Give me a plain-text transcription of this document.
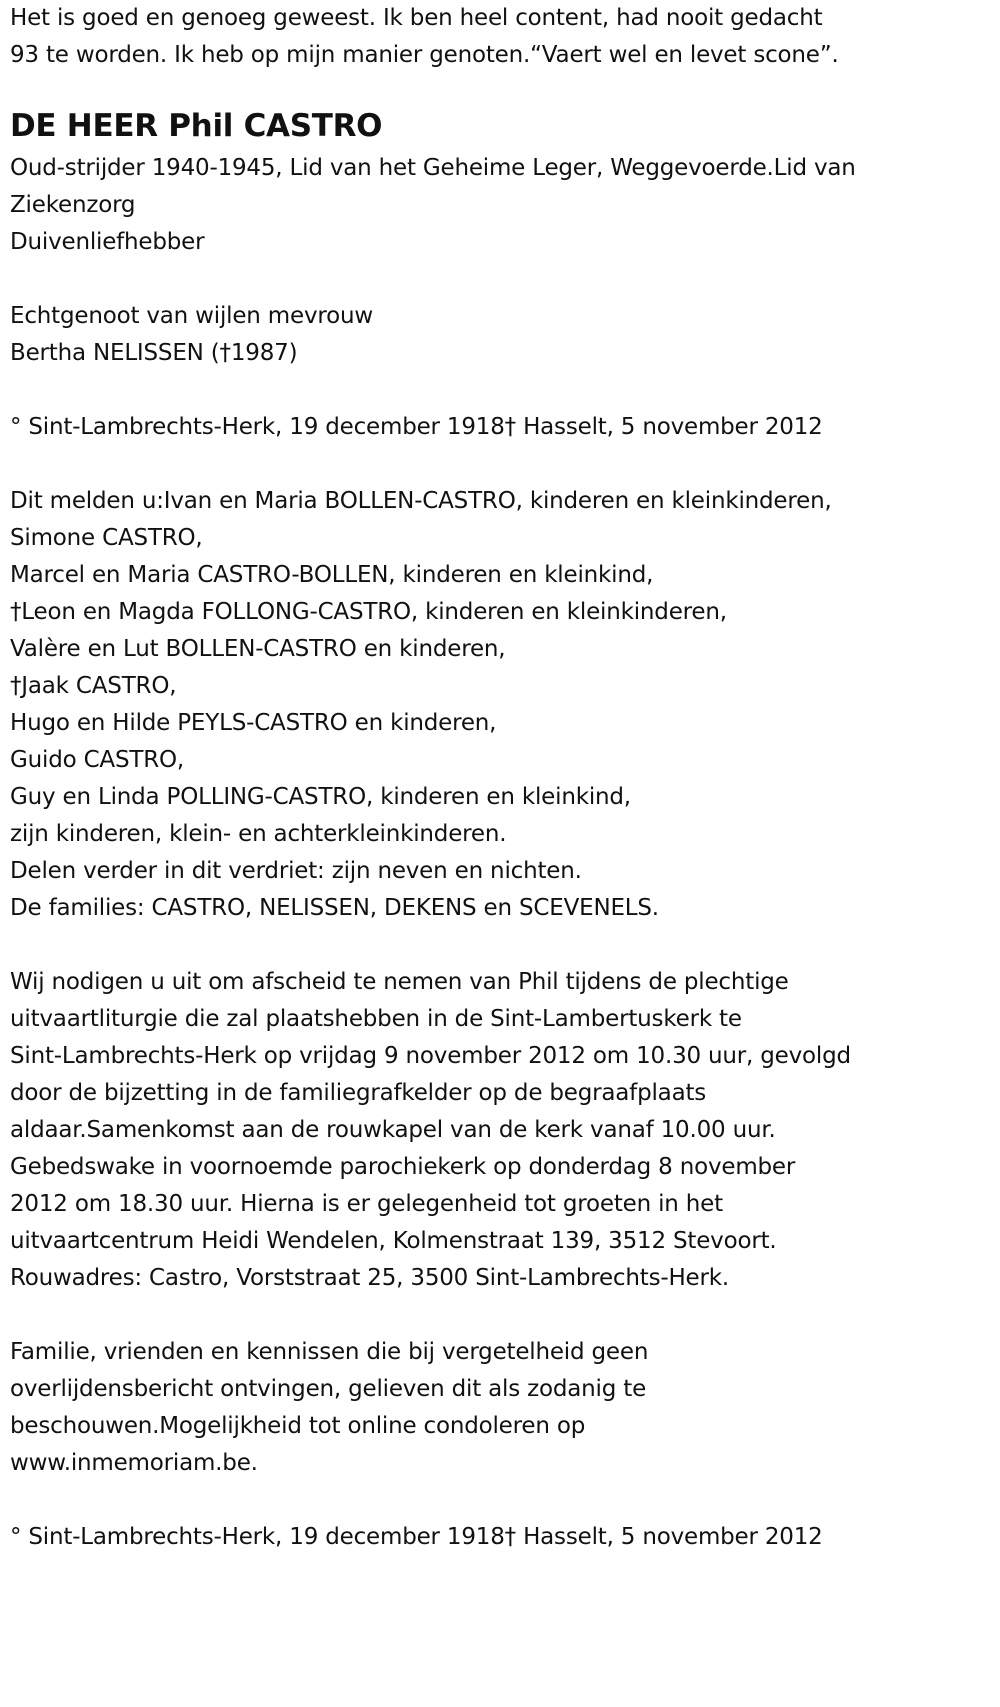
Het is goed en genoeg geweest. Ik ben heel content, had nooit gedacht
93 te worden. Ik heb op mijn manier genoten.“Vaert wel en levet scone”.
DE HEER Phil CASTRO
Oud-strijder 1940-1945, Lid van het Geheime Leger, Weggevoerde.Lid van
Ziekenzorg
Duivenliefhebber
Echtgenoot van wijlen mevrouw
Bertha NELISSEN (†1987)
° Sint-Lambrechts-Herk, 19 december 1918† Hasselt, 5 november 2012
Dit melden u:Ivan en Maria BOLLEN-CASTRO, kinderen en kleinkinderen,
Simone CASTRO,
Marcel en Maria CASTRO-BOLLEN, kinderen en kleinkind,
†Leon en Magda FOLLONG-CASTRO, kinderen en kleinkinderen,
Valère en Lut BOLLEN-CASTRO en kinderen,
†Jaak CASTRO,
Hugo en Hilde PEYLS-CASTRO en kinderen,
Guido CASTRO,
Guy en Linda POLLING-CASTRO, kinderen en kleinkind,
zijn kinderen, klein- en achterkleinkinderen.
Delen verder in dit verdriet: zijn neven en nichten.
De families: CASTRO, NELISSEN, DEKENS en SCEVENELS.
Wij nodigen u uit om afscheid te nemen van Phil tijdens de plechtige
uitvaartliturgie die zal plaatshebben in de Sint-Lambertuskerk te
Sint-Lambrechts-Herk op vrijdag 9 november 2012 om 10.30 uur, gevolgd
door de bijzetting in de familiegrafkelder op de begraafplaats
aldaar.Samenkomst aan de rouwkapel van de kerk vanaf 10.00 uur.
Gebedswake in voornoemde parochiekerk op donderdag 8 november
2012 om 18.30 uur. Hierna is er gelegenheid tot groeten in het
uitvaartcentrum Heidi Wendelen, Kolmenstraat 139, 3512 Stevoort.
Rouwadres: Castro, Vorststraat 25, 3500 Sint-Lambrechts-Herk.
Familie, vrienden en kennissen die bij vergetelheid geen
overlijdensbericht ontvingen, gelieven dit als zodanig te
beschouwen.Mogelijkheid tot online condoleren op
www.inmemoriam.be.
° Sint-Lambrechts-Herk, 19 december 1918† Hasselt, 5 november 2012
